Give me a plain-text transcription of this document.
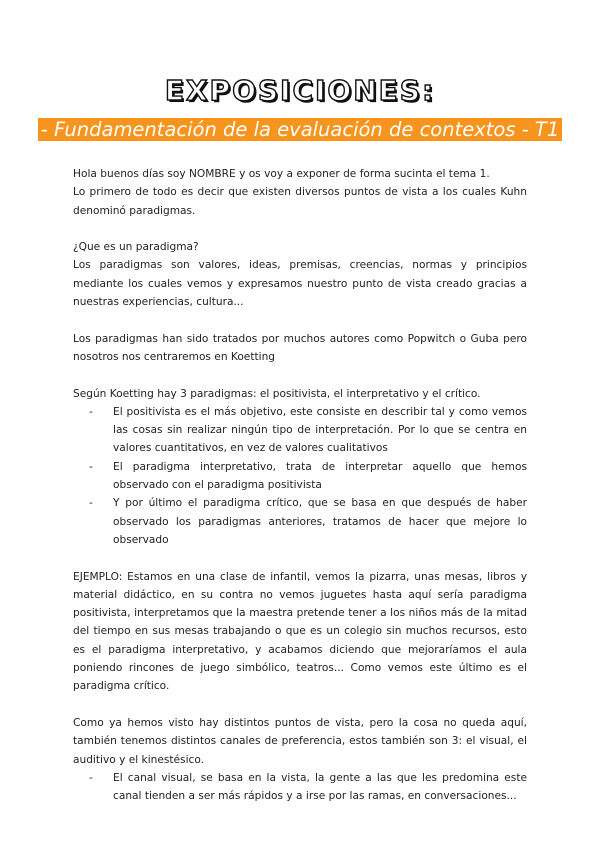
EXPOSICIONES:
- Fundamentación de la evaluación de contextos - T1

Hola buenos días soy NOMBRE y os voy a exponer de forma sucinta el tema 1.

Lo primero de todo es decir que existen diversos puntos de vista a los cuales Kuhn denominó paradigmas.

¿Que es un paradigma?

Los paradigmas son valores, ideas, premisas, creencias, normas y principios mediante los cuales vemos y expresamos nuestro punto de vista creado gracias a nuestras experiencias, cultura...

Los paradigmas han sido tratados por muchos autores como Popwitch o Guba pero nosotros nos centraremos en Koetting

Según Koetting hay 3 paradigmas: el positivista, el interpretativo y el crítico.

- El positivista es el más objetivo, este consiste en describir tal y como vemos las cosas sin realizar ningún tipo de interpretación. Por lo que se centra en valores cuantitativos, en vez de valores cualitativos
- El paradigma interpretativo, trata de interpretar aquello que hemos observado con el paradigma positivista
- Y por último el paradigma crítico, que se basa en que después de haber observado los paradigmas anteriores, tratamos de hacer que mejore lo observado

EJEMPLO: Estamos en una clase de infantil, vemos la pizarra, unas mesas, libros y material didáctico, en su contra no vemos juguetes hasta aquí sería paradigma positivista, interpretamos que la maestra pretende tener a los niños más de la mitad del tiempo en sus mesas trabajando o que es un colegio sin muchos recursos, esto es el paradigma interpretativo, y acabamos diciendo que mejoraríamos el aula poniendo rincones de juego simbólico, teatros... Como vemos este último es el paradigma crítico.

Como ya hemos visto hay distintos puntos de vista, pero la cosa no queda aquí, también tenemos distintos canales de preferencia, estos también son 3: el visual, el auditivo y el kinestésico.

- El canal visual, se basa en la vista, la gente a las que les predomina este canal tienden a ser más rápidos y a irse por las ramas, en conversaciones...
